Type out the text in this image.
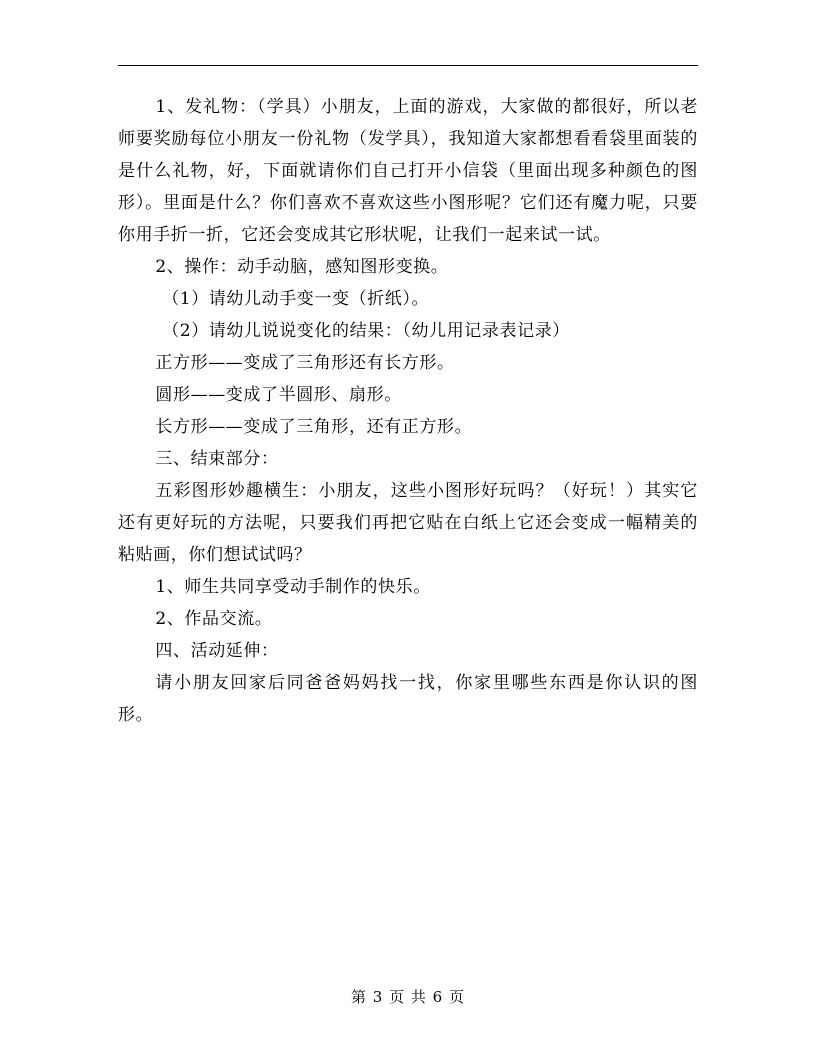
1、发礼物：（学具）小朋友，上面的游戏，大家做的都很好，所以老师要奖励每位小朋友一份礼物（发学具），我知道大家都想看看袋里面装的是什么礼物，好，下面就请你们自己打开小信袋（里面出现多种颜色的图形）。里面是什么？你们喜欢不喜欢这些小图形呢？它们还有魔力呢，只要你用手折一折，它还会变成其它形状呢，让我们一起来试一试。

2、操作：动手动脑，感知图形变换。

（1）请幼儿动手变一变（折纸）。

（2）请幼儿说说变化的结果：（幼儿用记录表记录）

正方形——变成了三角形还有长方形。

圆形——变成了半圆形、扇形。

长方形——变成了三角形，还有正方形。

三、结束部分：

五彩图形妙趣横生：小朋友，这些小图形好玩吗？（好玩！）其实它还有更好玩的方法呢，只要我们再把它贴在白纸上它还会变成一幅精美的粘贴画，你们想试试吗？

1、师生共同享受动手制作的快乐。

2、作品交流。

四、活动延伸：

请小朋友回家后同爸爸妈妈找一找，你家里哪些东西是你认识的图形。

第 3 页 共 6 页
